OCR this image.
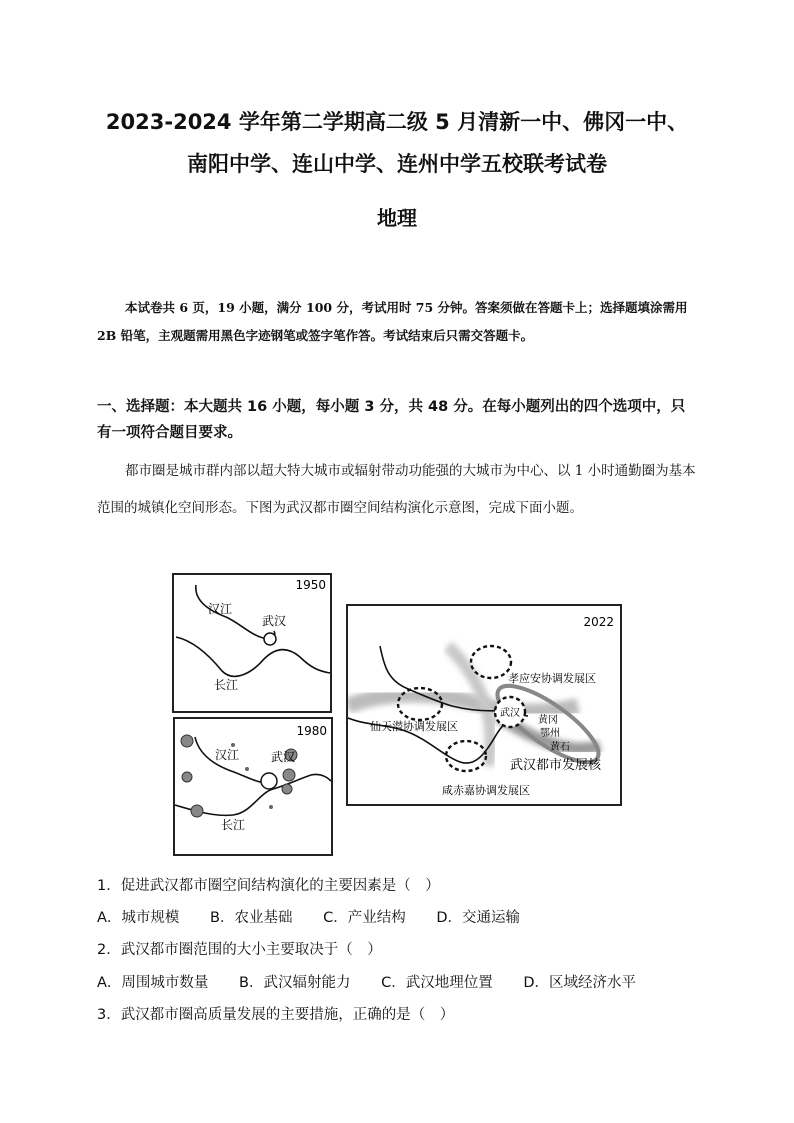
2023-2024 学年第二学期高二级 5 月清新一中、佛冈一中、
南阳中学、连山中学、连州中学五校联考试卷
地理
本试卷共 6 页，19 小题，满分 100 分，考试用时 75 分钟。答案须做在答题卡上；选择题填涂需用 2B 铅笔，主观题需用黑色字迹钢笔或签字笔作答。考试结束后只需交答题卡。
一、选择题：本大题共 16 小题，每小题 3 分，共 48 分。在每小题列出的四个选项中，只有一项符合题目要求。
都市圈是城市群内部以超大特大城市或辐射带动功能强的大城市为中心、以 1 小时通勤圈为基本范围的城镇化空间形态。下图为武汉都市圈空间结构演化示意图，完成下面小题。
1950
汉江
长江
武汉
1980
汉江
长江
武汉
2022
孝应安协调发展区
仙天潜协调发展区
咸赤嘉协调发展区
武汉
黄冈
鄂州
黄石
武汉都市发展核
1．促进武汉都市圈空间结构演化的主要因素是（　）
A．城市规模 B．农业基础 C．产业结构 D．交通运输
2．武汉都市圈范围的大小主要取决于（　）
A．周围城市数量 B．武汉辐射能力 C．武汉地理位置 D．区域经济水平
3．武汉都市圈高质量发展的主要措施，正确的是（　）
